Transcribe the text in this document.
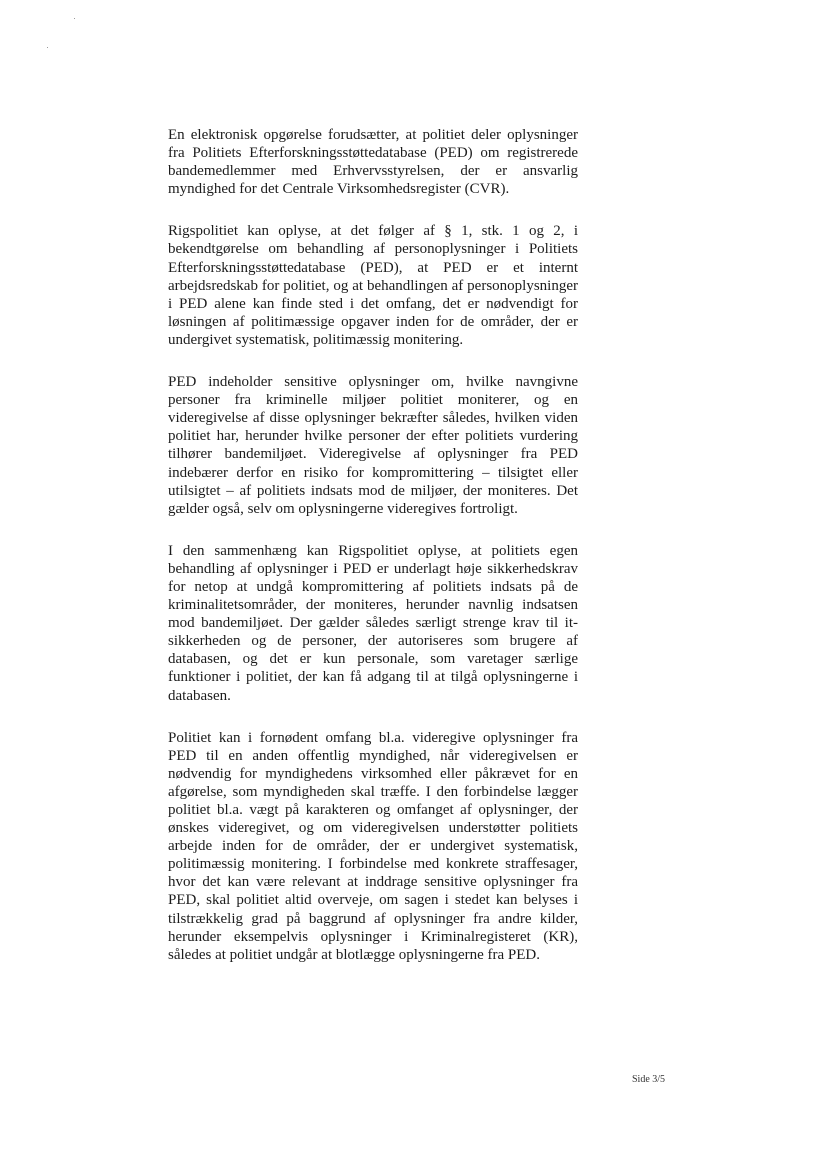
En elektronisk opgørelse forudsætter, at politiet deler oplysninger fra Politiets Efterforskningsstøttedatabase (PED) om registrerede bandemedlemmer med Erhvervsstyrelsen, der er ansvarlig myndighed for det Centrale Virksomhedsregister (CVR).

Rigspolitiet kan oplyse, at det følger af § 1, stk. 1 og 2, i bekendtgørelse om behandling af personoplysninger i Politiets Efterforskningsstøttedatabase (PED), at PED er et internt arbejdsredskab for politiet, og at behandlingen af personoplysninger i PED alene kan finde sted i det omfang, det er nødvendigt for løsningen af politimæssige opgaver inden for de områder, der er undergivet systematisk, politimæssig monitering.

PED indeholder sensitive oplysninger om, hvilke navngivne personer fra kriminelle miljøer politiet moniterer, og en videregivelse af disse oplysninger bekræfter således, hvilken viden politiet har, herunder hvilke personer der efter politiets vurdering tilhører bandemiljøet. Videregivelse af oplysninger fra PED indebærer derfor en risiko for kompromittering – tilsigtet eller utilsigtet – af politiets indsats mod de miljøer, der moniteres. Det gælder også, selv om oplysningerne videregives fortroligt.

I den sammenhæng kan Rigspolitiet oplyse, at politiets egen behandling af oplysninger i PED er underlagt høje sikkerhedskrav for netop at undgå kompromittering af politiets indsats på de kriminalitetsområder, der moniteres, herunder navnlig indsatsen mod bandemiljøet. Der gælder således særligt strenge krav til it-sikkerheden og de personer, der autoriseres som brugere af databasen, og det er kun personale, som varetager særlige funktioner i politiet, der kan få adgang til at tilgå oplysningerne i databasen.

Politiet kan i fornødent omfang bl.a. videregive oplysninger fra PED til en anden offentlig myndighed, når videregivelsen er nødvendig for myndighedens virksomhed eller påkrævet for en afgørelse, som myndigheden skal træffe. I den forbindelse lægger politiet bl.a. vægt på karakteren og omfanget af oplysninger, der ønskes videregivet, og om videregivelsen understøtter politiets arbejde inden for de områder, der er undergivet systematisk, politimæssig monitering. I forbindelse med konkrete straffesager, hvor det kan være relevant at inddrage sensitive oplysninger fra PED, skal politiet altid overveje, om sagen i stedet kan belyses i tilstrækkelig grad på baggrund af oplysninger fra andre kilder, herunder eksempelvis oplysninger i Kriminalregisteret (KR), således at politiet undgår at blotlægge oplysningerne fra PED.

Side 3/5
